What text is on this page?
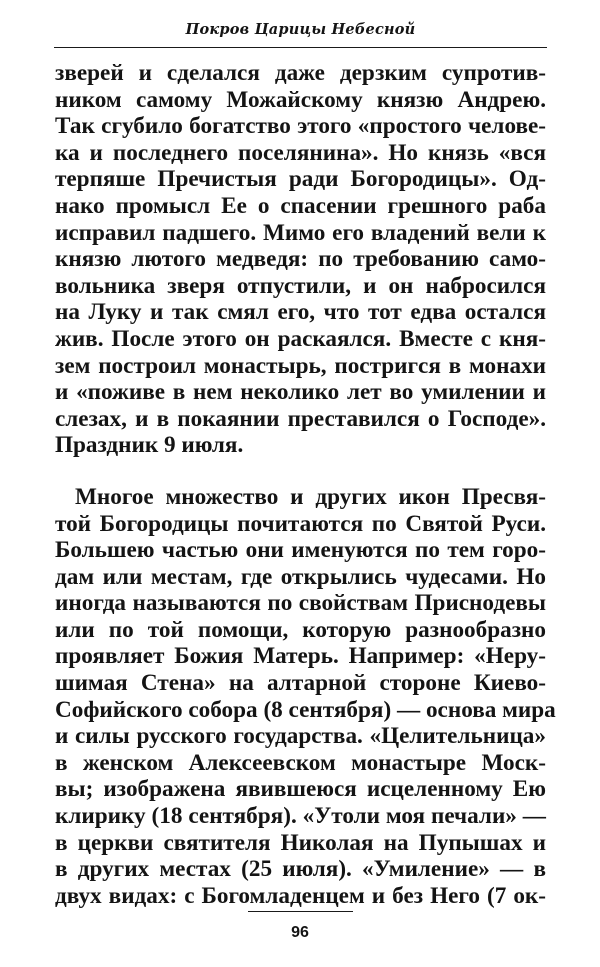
Покров Царицы Небесной
зверей и сделался даже дерзким супротив-
ником самому Можайскому князю Андрею.
Так сгубило богатство этого «простого челове-
ка и последнего поселянина». Но князь «вся
терпяше Пречистыя ради Богородицы». Од-
нако промысл Ее о спасении грешного раба
исправил падшего. Мимо его владений вели к
князю лютого медведя: по требованию само-
вольника зверя отпустили, и он набросился
на Луку и так смял его, что тот едва остался
жив. После этого он раскаялся. Вместе с кня-
зем построил монастырь, постригся в монахи
и «поживе в нем неколико лет во умилении и
слезах, и в покаянии преставился о Господе».
Праздник 9 июля.
Многое множество и других икон Пресвя-
той Богородицы почитаются по Святой Руси.
Большею частью они именуются по тем горо-
дам или местам, где открылись чудесами. Но
иногда называются по свойствам Приснодевы
или по той помощи, которую разнообразно
проявляет Божия Матерь. Например: «Неру-
шимая Стена» на алтарной стороне Киево-
Софийского собора (8 сентября) — основа мира
и силы русского государства. «Целительница»
в женском Алексеевском монастыре Моск-
вы; изображена явившеюся исцеленному Ею
клирику (18 сентября). «Утоли моя печали» —
в церкви святителя Николая на Пупышах и
в других местах (25 июля). «Умиление» — в
двух видах: с Богомладенцем и без Него (7 ок-
96
